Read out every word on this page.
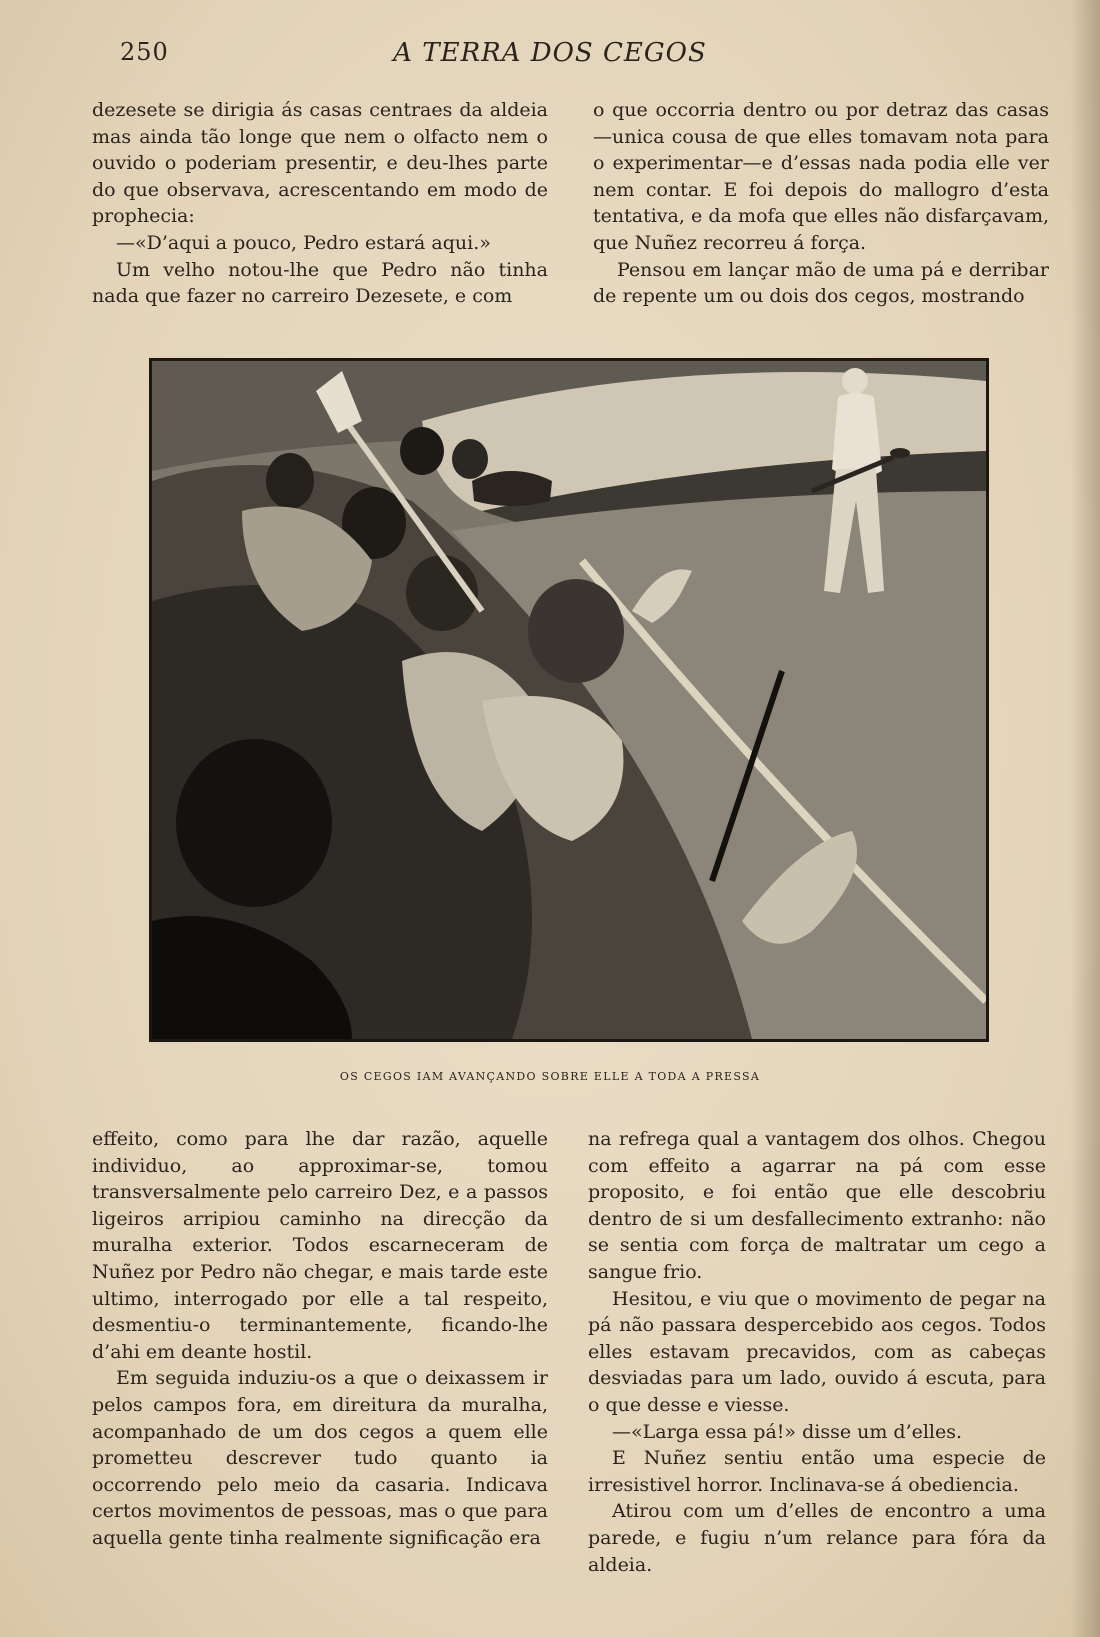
250	A TERRA DOS CEGOS

dezesete se dirigia ás casas centraes da aldeia mas ainda tão longe que nem o olfacto nem o ouvido o poderiam presentir, e deu-lhes parte do que observava, acrescentando em modo de prophecia:

—«D’aqui a pouco, Pedro estará aqui.»

Um velho notou-lhe que Pedro não tinha nada que fazer no carreiro Dezesete, e com

o que occorria dentro ou por detraz das casas —unica cousa de que elles tomavam nota para o experimentar—e d’essas nada podia elle ver nem contar. E foi depois do mallogro d’esta tentativa, e da mofa que elles não disfarçavam, que Nuñez recorreu á força.

Pensou em lançar mão de uma pá e derribar de repente um ou dois dos cegos, mostrando

OS CEGOS IAM AVANÇANDO SOBRE ELLE A TODA A PRESSA

effeito, como para lhe dar razão, aquelle individuo, ao approximar-se, tomou transversalmente pelo carreiro Dez, e a passos ligeiros arripiou caminho na direcção da muralha exterior. Todos escarneceram de Nuñez por Pedro não chegar, e mais tarde este ultimo, interrogado por elle a tal respeito, desmentiu-o terminantemente, ficando-lhe d’ahi em deante hostil.

Em seguida induziu-os a que o deixassem ir pelos campos fora, em direitura da muralha, acompanhado de um dos cegos a quem elle prometteu descrever tudo quanto ia occorrendo pelo meio da casaria. Indicava certos movimentos de pessoas, mas o que para aquella gente tinha realmente significação era

na refrega qual a vantagem dos olhos. Chegou com effeito a agarrar na pá com esse proposito, e foi então que elle descobriu dentro de si um desfallecimento extranho: não se sentia com força de maltratar um cego a sangue frio.

Hesitou, e viu que o movimento de pegar na pá não passara despercebido aos cegos. Todos elles estavam precavidos, com as cabeças desviadas para um lado, ouvido á escuta, para o que desse e viesse.

—«Larga essa pá!» disse um d’elles.

E Nuñez sentiu então uma especie de irresistivel horror. Inclinava-se á obediencia.

Atirou com um d’elles de encontro a uma parede, e fugiu n’um relance para fóra da aldeia.
